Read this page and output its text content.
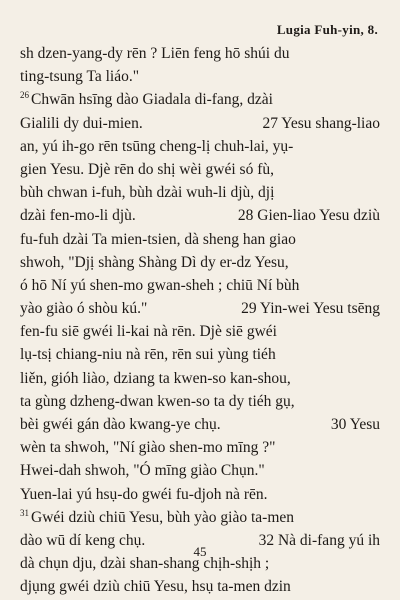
Lugia Fuh-yin, 8.
sh dzen-yang-dy rēn ? Liēn feng hō shúi du
ting-tsung Ta liáo."
$^{26}$ Chwān hsīng dào Giadala di-fang, dzài
Gialili dy dui-mien.	27 Yesu shang-liao
an, yú ih-go rēn tsūng cheng-lị chuh-lai, yụ-
gien Yesu. Djè rēn do shị wèi gwéi só fù,
bùh chwan i-fuh, bùh dzài wuh-li djù, djị
dzài fen-mo-li djù.	28 Gien-liao Yesu dziù
fu-fuh dzài Ta mien-tsien, dà sheng han giao
shwoh, "Djị shàng Shàng Dì dy er-dz Yesu,
ó hō Ní yú shen-mo gwan-sheh ; chiū Ní bùh
yào giào ó shòu kú."	29 Yin-wei Yesu tsēng
fen-fu siē gwéi li-kai nà rēn. Djè siē gwéi
lụ-tsị chiang-niu nà rēn, rēn sui yùng tiéh
liěn, gióh liào, dziang ta kwen-so kan-shou,
ta gùng dzheng-dwan kwen-so ta dy tiéh gụ,
bèi gwéi gán dào kwang-ye chụ.	30 Yesu
wèn ta shwoh, "Ní giào shen-mo mīng ?"
Hwei-dah shwoh, "Ó mīng giào Chụn."
Yuen-lai yú hsụ-do gwéi fu-djoh nà rēn.
$^{31}$ Gwéi dziù chiū Yesu, bùh yào giào ta-men
dào wū dí keng chụ.	32 Nà di-fang yú ih
dà chụn dju, dzài shan-shang chịh-shịh ;
djụng gwéi dziù chiū Yesu, hsụ ta-men dzin
45
